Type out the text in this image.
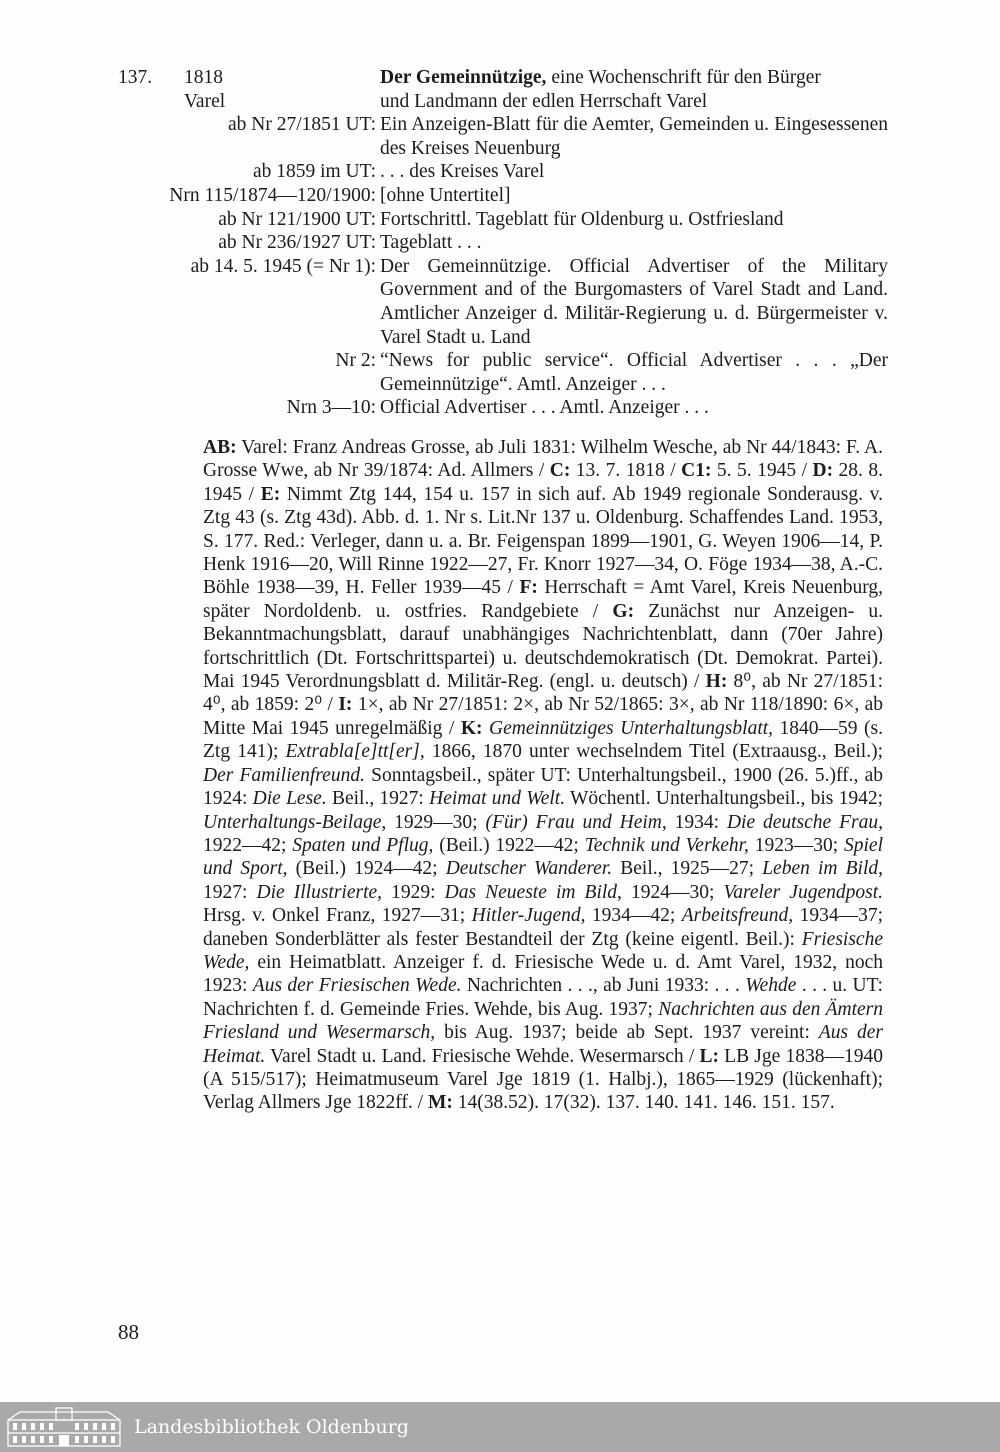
137. 1818
Varel
Der Gemeinnützige, eine Wochenschrift für den Bürger
und Landmann der edlen Herrschaft Varel
ab Nr 27/1851 UT: Ein Anzeigen-Blatt für die Aemter, Gemeinden u. Eingesessenen des Kreises Neuenburg
ab 1859 im UT: . . . des Kreises Varel
Nrn 115/1874—120/1900: [ohne Untertitel]
ab Nr 121/1900 UT: Fortschrittl. Tageblatt für Oldenburg u. Ostfriesland
ab Nr 236/1927 UT: Tageblatt . . .
ab 14. 5. 1945 (= Nr 1): Der Gemeinnützige. Official Advertiser of the Military Government and of the Burgomasters of Varel Stadt and Land. Amtlicher Anzeiger d. Militär-Regierung u. d. Bürgermeister v. Varel Stadt u. Land
Nr 2: “News for public service“. Official Advertiser . . . „Der Gemeinnützige“. Amtl. Anzeiger . . .
Nrn 3—10: Official Advertiser . . . Amtl. Anzeiger . . .

AB: Varel: Franz Andreas Grosse, ab Juli 1831: Wilhelm Wesche, ab Nr 44/1843: F. A. Grosse Wwe, ab Nr 39/1874: Ad. Allmers / C: 13. 7. 1818 / C1: 5. 5. 1945 / D: 28. 8. 1945 / E: Nimmt Ztg 144, 154 u. 157 in sich auf. Ab 1949 regionale Sonderausg. v. Ztg 43 (s. Ztg 43d). Abb. d. 1. Nr s. Lit.Nr 137 u. Oldenburg. Schaffendes Land. 1953, S. 177. Red.: Verleger, dann u. a. Br. Feigenspan 1899—1901, G. Weyen 1906—14, P. Henk 1916—20, Will Rinne 1922—27, Fr. Knorr 1927—34, O. Föge 1934—38, A.-C. Böhle 1938—39, H. Feller 1939—45 / F: Herrschaft = Amt Varel, Kreis Neuenburg, später Nordoldenb. u. ostfries. Randgebiete / G: Zunächst nur Anzeigen- u. Bekanntmachungsblatt, darauf unabhängiges Nachrichtenblatt, dann (70er Jahre) fortschrittlich (Dt. Fortschrittspartei) u. deutschdemokratisch (Dt. Demokrat. Partei). Mai 1945 Verordnungsblatt d. Militär-Reg. (engl. u. deutsch) / H: 8⁰, ab Nr 27/1851: 4⁰, ab 1859: 2⁰ / I: 1×, ab Nr 27/1851: 2×, ab Nr 52/1865: 3×, ab Nr 118/1890: 6×, ab Mitte Mai 1945 unregelmäßig / K: Gemeinnütziges Unterhaltungsblatt, 1840—59 (s. Ztg 141); Extrabla[e]tt[er], 1866, 1870 unter wechselndem Titel (Extraausg., Beil.); Der Familienfreund. Sonntagsbeil., später UT: Unterhaltungsbeil., 1900 (26. 5.)ff., ab 1924: Die Lese. Beil., 1927: Heimat und Welt. Wöchentl. Unterhaltungsbeil., bis 1942; Unterhaltungs-Beilage, 1929—30; (Für) Frau und Heim, 1934: Die deutsche Frau, 1922—42; Spaten und Pflug, (Beil.) 1922—42; Technik und Verkehr, 1923—30; Spiel und Sport, (Beil.) 1924—42; Deutscher Wanderer. Beil., 1925—27; Leben im Bild, 1927: Die Illustrierte, 1929: Das Neueste im Bild, 1924—30; Vareler Jugendpost. Hrsg. v. Onkel Franz, 1927—31; Hitler-Jugend, 1934—42; Arbeitsfreund, 1934—37; daneben Sonderblätter als fester Bestandteil der Ztg (keine eigentl. Beil.): Friesische Wede, ein Heimatblatt. Anzeiger f. d. Friesische Wede u. d. Amt Varel, 1932, noch 1923: Aus der Friesischen Wede. Nachrichten . . ., ab Juni 1933: . . . Wehde . . . u. UT: Nachrichten f. d. Gemeinde Fries. Wehde, bis Aug. 1937; Nachrichten aus den Ämtern Friesland und Wesermarsch, bis Aug. 1937; beide ab Sept. 1937 vereint: Aus der Heimat. Varel Stadt u. Land. Friesische Wehde. Wesermarsch / L: LB Jge 1838—1940 (A 515/517); Heimatmuseum Varel Jge 1819 (1. Halbj.), 1865—1929 (lückenhaft); Verlag Allmers Jge 1822ff. / M: 14(38.52). 17(32). 137. 140. 141. 146. 151. 157.

88
Landesbibliothek Oldenburg
